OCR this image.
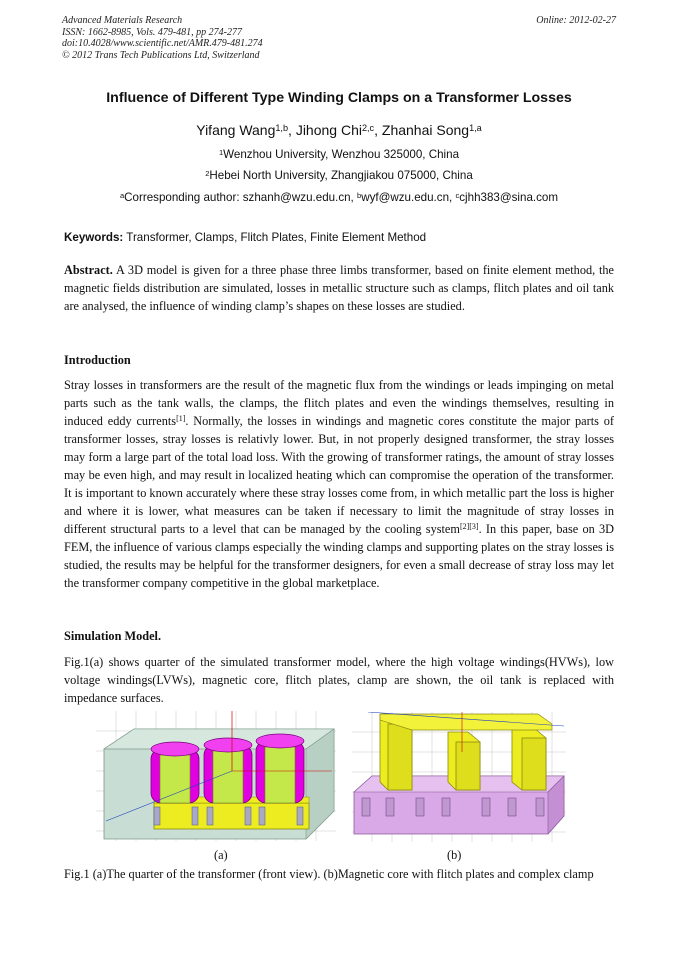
Advanced Materials Research
ISSN: 1662-8985, Vols. 479-481, pp 274-277
doi:10.4028/www.scientific.net/AMR.479-481.274
© 2012 Trans Tech Publications Ltd, Switzerland
Online: 2012-02-27
Influence of Different Type Winding Clamps on a Transformer Losses
Yifang Wang$^{1,b}$, Jihong Chi$^{2,c}$, Zhanhai Song$^{1,a}$
$^1$Wenzhou University, Wenzhou 325000, China
$^2$Hebei North University, Zhangjiakou 075000, China
$^a$Corresponding author: szhanh@wzu.edu.cn, $^b$wyf@wzu.edu.cn, $^c$cjhh383@sina.com
Keywords: Transformer, Clamps, Flitch Plates, Finite Element Method

Abstract. A 3D model is given for a three phase three limbs transformer, based on finite element method, the magnetic fields distribution are simulated, losses in metallic structure such as clamps, flitch plates and oil tank are analysed, the influence of winding clamp’s shapes on these losses are studied.

Introduction

Stray losses in transformers are the result of the magnetic flux from the windings or leads impinging on metal parts such as the tank walls, the clamps, the flitch plates and even the windings themselves, resulting in induced eddy currents[1]. Normally, the losses in windings and magnetic cores constitute the major parts of transformer losses, stray losses is relativly lower. But, in not properly designed transformer, the stray losses may form a large part of the total load loss. With the growing of transformer ratings, the amount of stray losses may be even high, and may result in localized heating which can compromise the operation of the transformer. It is important to known accurately where these stray losses come from, in which metallic part the loss is higher and where it is lower, what measures can be taken if necessary to limit the magnitude of stray losses in different structural parts to a level that can be managed by the cooling system[2][3]. In this paper, base on 3D FEM, the influence of various clamps especially the winding clamps and supporting plates on the stray losses is studied, the results may be helpful for the transformer designers, for even a small decrease of stray loss may let the transformer company competitive in the global marketplace.

Simulation Model.

Fig.1(a) shows quarter of the simulated transformer model, where the high voltage windings(HVWs), low voltage windings(LVWs), magnetic core, flitch plates, clamp are shown, the oil tank is replaced with impedance surfaces.

(a)	(b)
Fig.1 (a)The quarter of the transformer (front view). (b)Magnetic core with flitch plates and complex clamp
